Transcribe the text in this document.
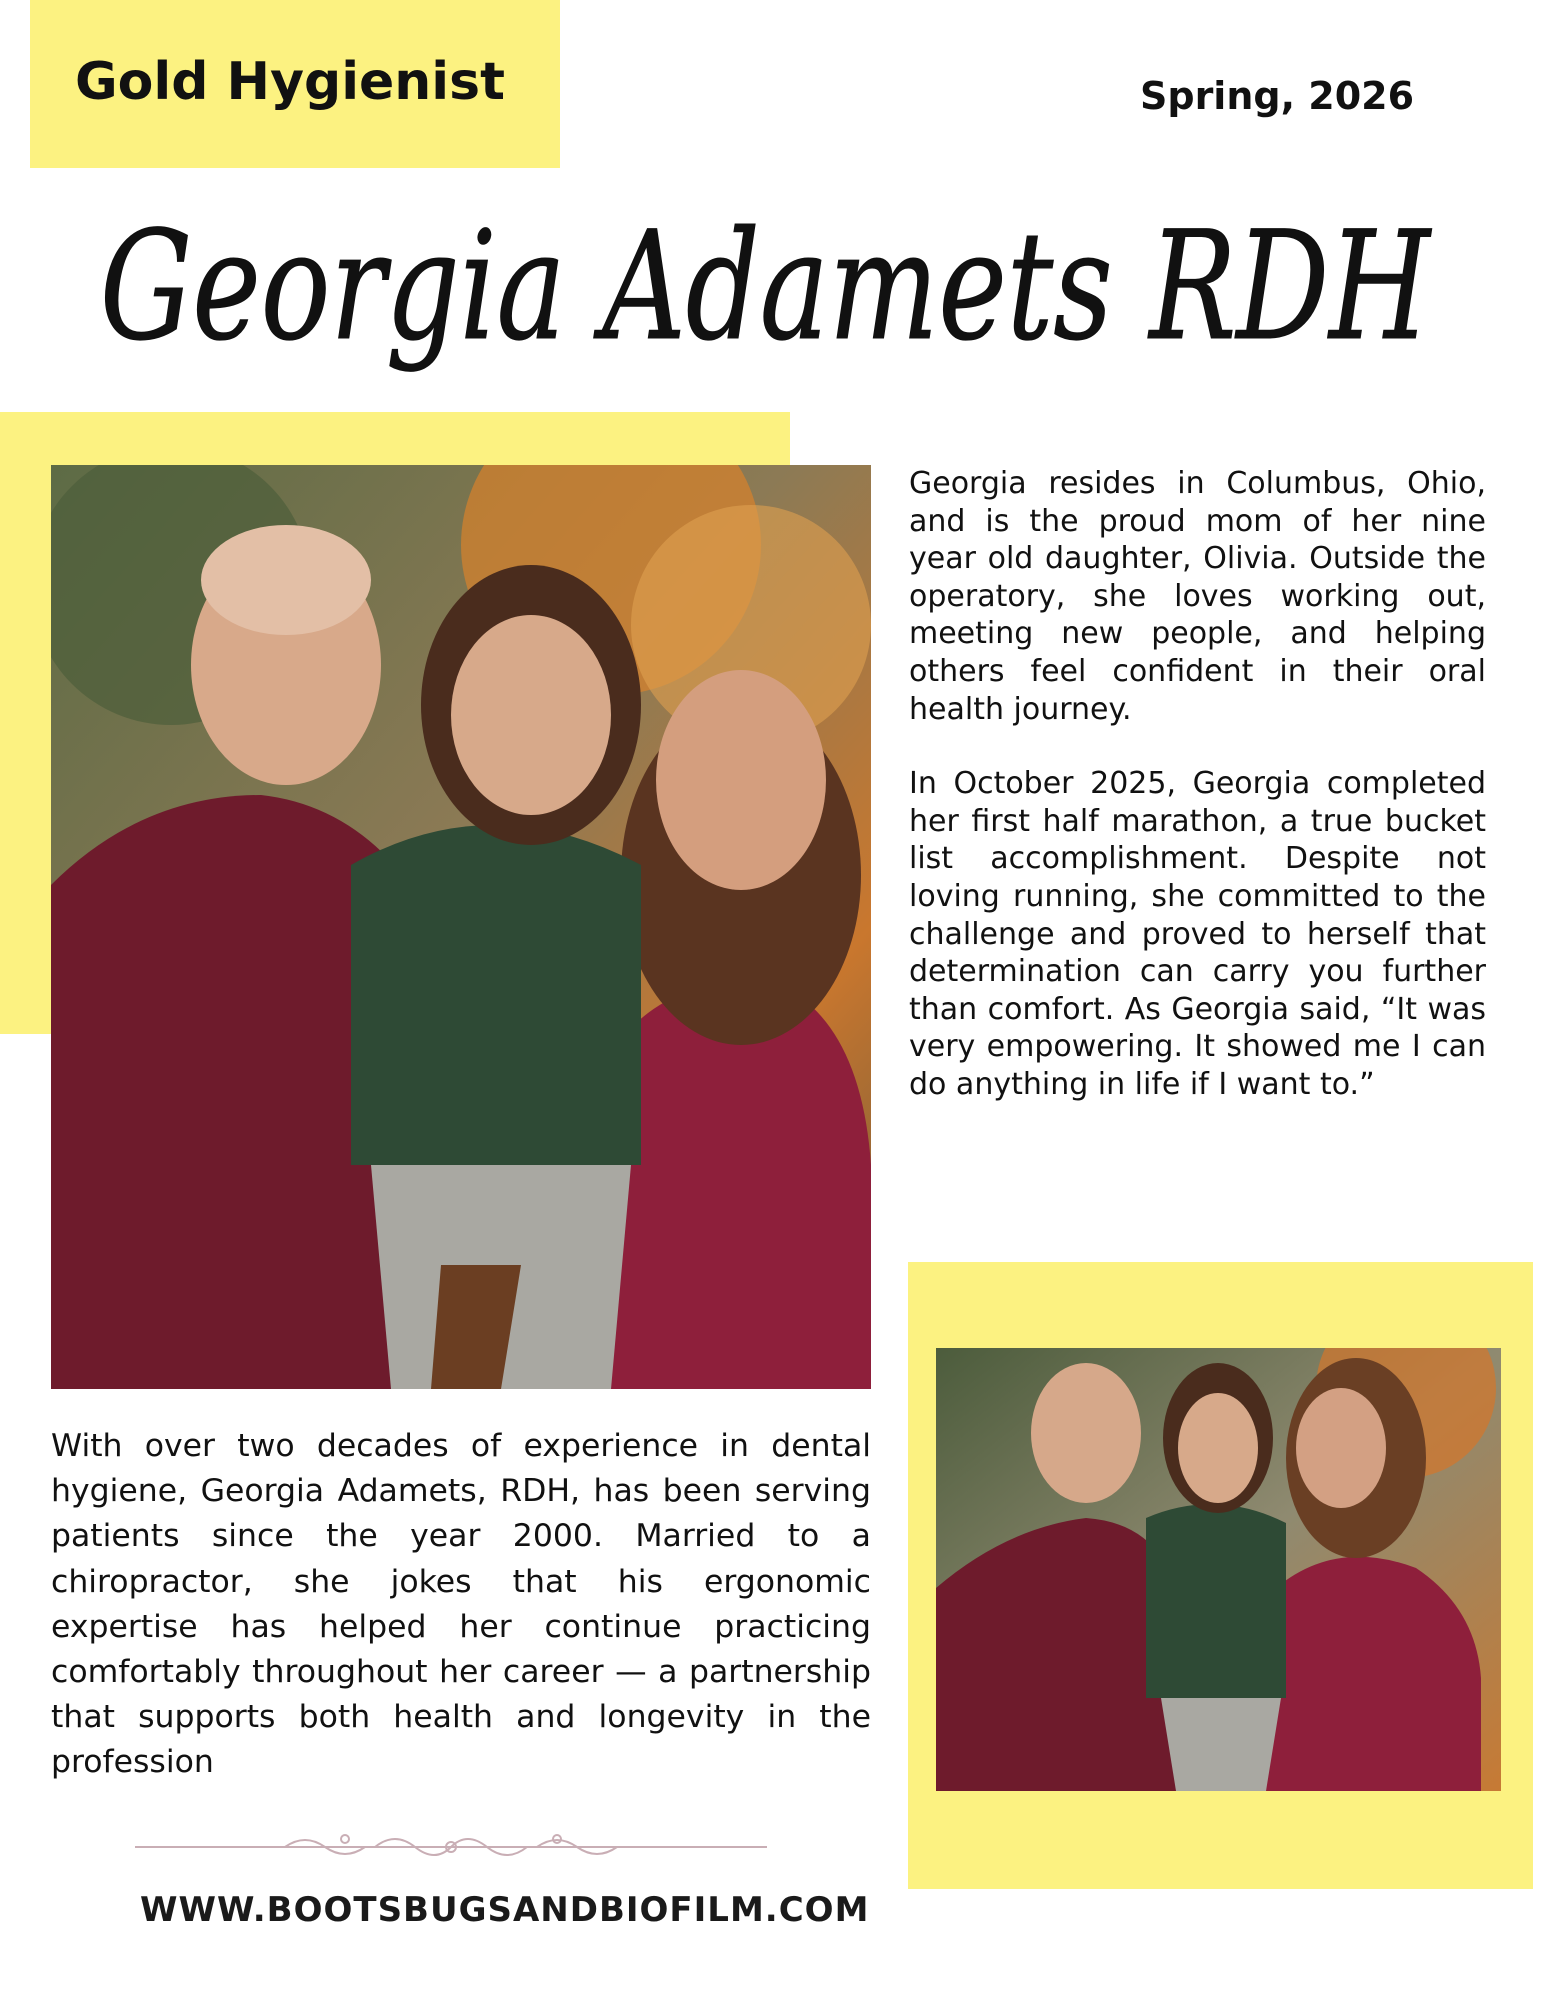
Gold Hygienist	Spring, 2026
Georgia Adamets RDH

Georgia resides in Columbus, Ohio, and is the proud mom of her nine year old daughter, Olivia. Outside the operatory, she loves working out, meeting new people, and helping others feel confident in their oral health journey.

In October 2025, Georgia completed her first half marathon, a true bucket list accomplishment. Despite not loving running, she committed to the challenge and proved to herself that determination can carry you further than comfort. As Georgia said, “It was very empowering. It showed me I can do anything in life if I want to.”

With over two decades of experience in dental hygiene, Georgia Adamets, RDH, has been serving patients since the year 2000. Married to a chiropractor, she jokes that his ergonomic expertise has helped her continue practicing comfortably throughout her career — a partnership that supports both health and longevity in the profession

WWW.BOOTSBUGSANDBIOFILM.COM
